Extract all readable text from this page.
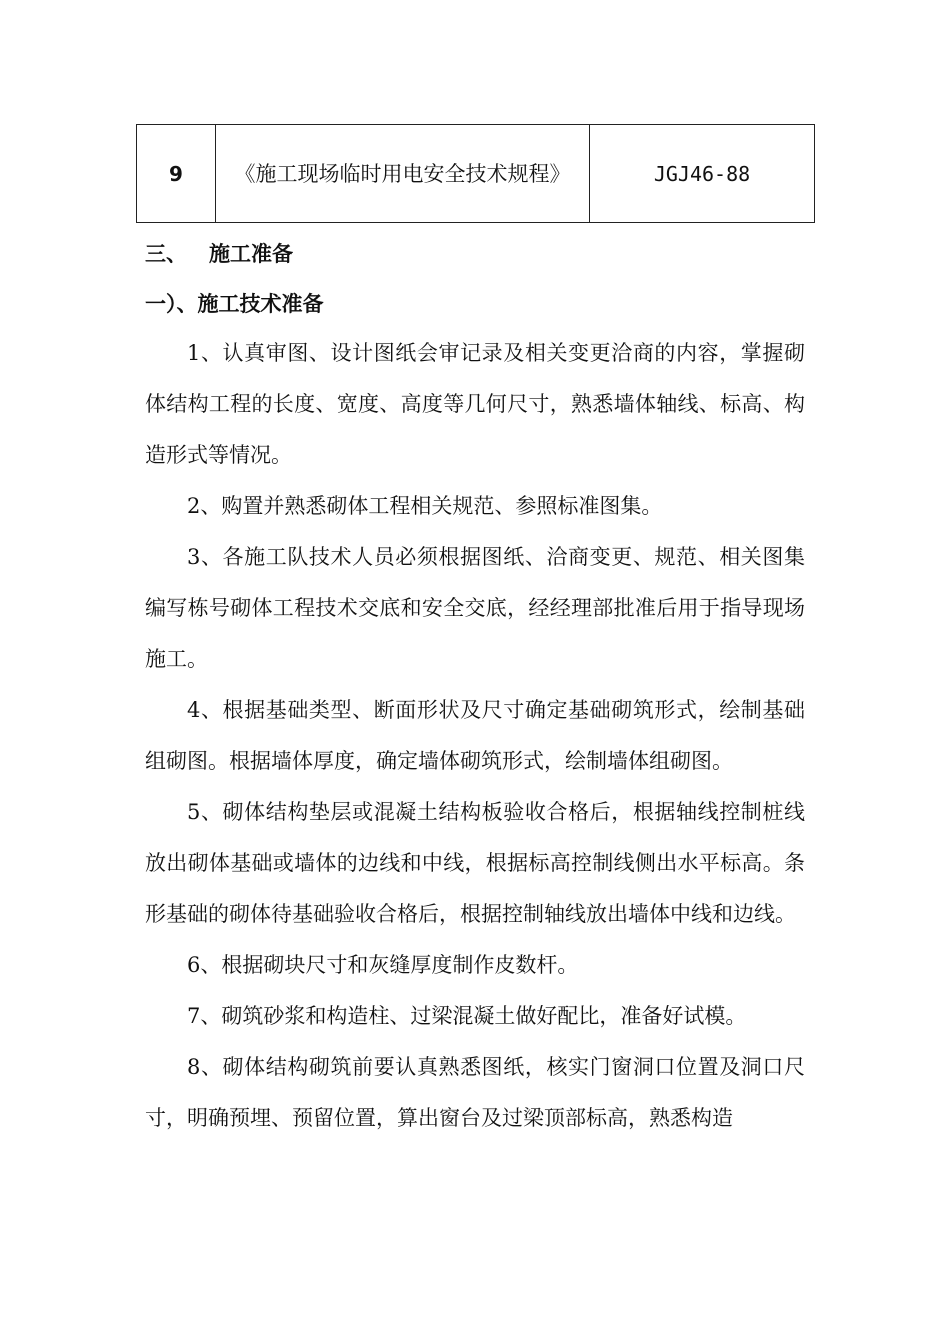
9	《施工现场临时用电安全技术规程》	JGJ46-88
三、 施工准备
一）、施工技术准备

1、认真审图、设计图纸会审记录及相关变更洽商的内容，掌握砌体结构工程的长度、宽度、高度等几何尺寸，熟悉墙体轴线、标高、构造形式等情况。

2、购置并熟悉砌体工程相关规范、参照标准图集。

3、各施工队技术人员必须根据图纸、洽商变更、规范、相关图集编写栋号砌体工程技术交底和安全交底，经经理部批准后用于指导现场施工。

4、根据基础类型、断面形状及尺寸确定基础砌筑形式，绘制基础组砌图。根据墙体厚度，确定墙体砌筑形式，绘制墙体组砌图。

5、砌体结构垫层或混凝土结构板验收合格后，根据轴线控制桩线放出砌体基础或墙体的边线和中线，根据标高控制线侧出水平标高。条形基础的砌体待基础验收合格后，根据控制轴线放出墙体中线和边线。

6、根据砌块尺寸和灰缝厚度制作皮数杆。

7、砌筑砂浆和构造柱、过梁混凝土做好配比，准备好试模。

8、砌体结构砌筑前要认真熟悉图纸，核实门窗洞口位置及洞口尺寸，明确预埋、预留位置，算出窗台及过梁顶部标高，熟悉构造
